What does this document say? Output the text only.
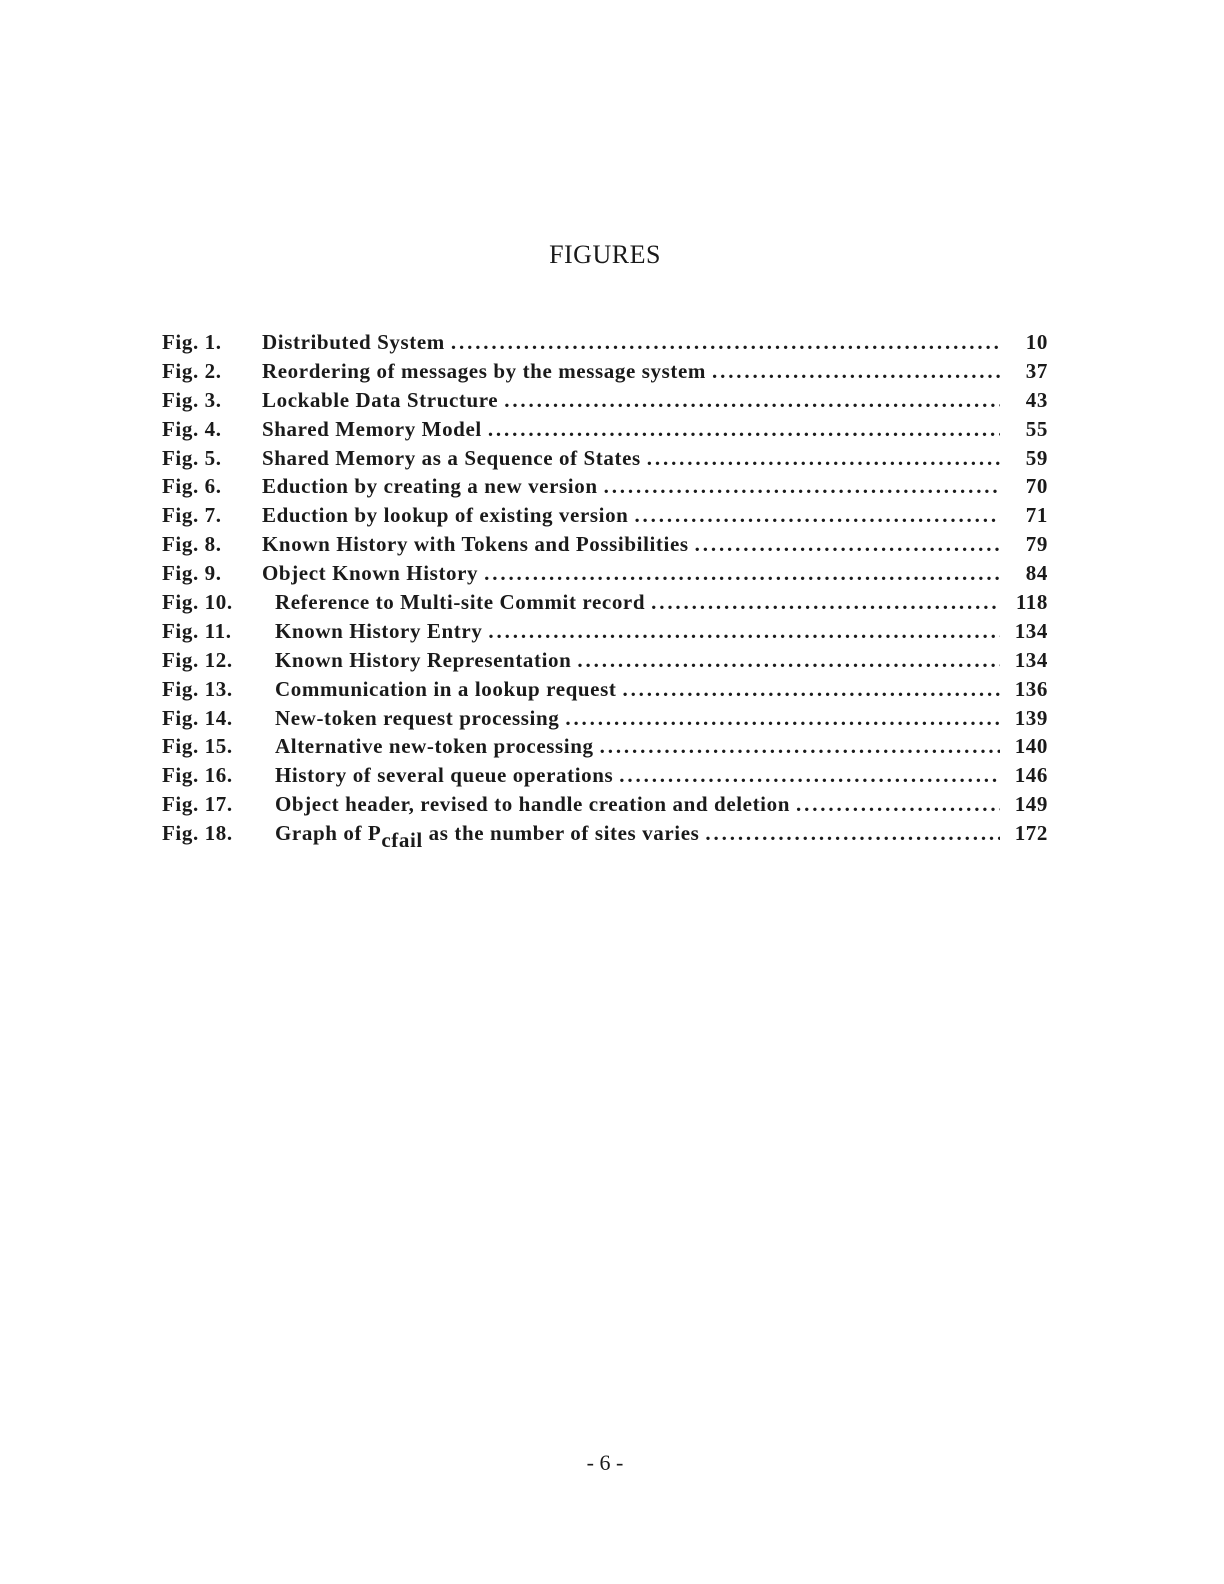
FIGURES
Fig. 1.	Distributed System . . .	10
Fig. 2.	Reordering of messages by the message system . . .	37
Fig. 3.	Lockable Data Structure . . .	43
Fig. 4.	Shared Memory Model . . .	55
Fig. 5.	Shared Memory as a Sequence of States . . .	59
Fig. 6.	Eduction by creating a new version . . .	70
Fig. 7.	Eduction by lookup of existing version . . .	71
Fig. 8.	Known History with Tokens and Possibilities . . .	79
Fig. 9.	Object Known History . . .	84
Fig. 10.	Reference to Multi-site Commit record . . .	118
Fig. 11.	Known History Entry . . .	134
Fig. 12.	Known History Representation . . .	134
Fig. 13.	Communication in a lookup request . . .	136
Fig. 14.	New-token request processing . . .	139
Fig. 15.	Alternative new-token processing . . .	140
Fig. 16.	History of several queue operations . . .	146
Fig. 17.	Object header, revised to handle creation and deletion . . .	149
Fig. 18.	Graph of $P_{cfail}$ as the number of sites varies . . .	172
- 6 -
